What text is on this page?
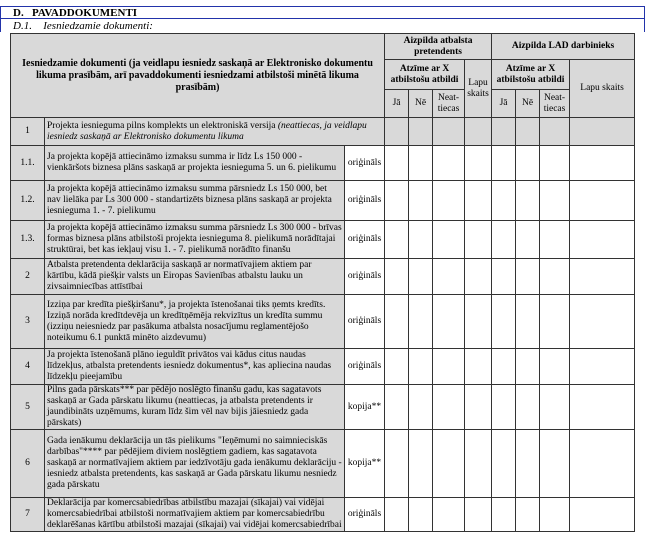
D. PAVADDOKUMENTI
D.1. Iesniedzamie dokumenti:
Iesniedzamie dokumenti (ja veidlapu iesniedz saskaņā ar Elektronisko dokumentu likuma prasībām, arī pavaddokumenti iesniedzami atbilstoši minētā likuma prasībām)			Aizpilda atbalsta pretendents				Aizpilda LAD darbinieks			
			Atzīme ar X atbilstošu atbildi			Lapu skaits	Atzīme ar X atbilstošu atbildi			Lapu skaits
			Jā	Nē	Neat-tiecas		Jā	Nē	Neat-tiecas	

1	Projekta iesnieguma pilns komplekts un elektroniskā versija (neattiecas, ja veidlapu iesniedz saskaņā ar Elektronisko dokumentu likuma									
1.1.	Ja projekta kopējā attiecināmo izmaksu summa ir līdz Ls 150 000 - vienkāršots biznesa plāns saskaņā ar projekta iesnieguma 5. un 6. pielikumu	oriģināls								
1.2.	Ja projekta kopējā attiecināmo izmaksu summa pārsniedz Ls 150 000, bet nav lielāka par Ls 300 000 - standartizēts biznesa plāns saskaņā ar projekta iesnieguma 1. - 7. pielikumu	oriģināls								
1.3.	Ja projekta kopējā attiecināmo izmaksu summa pārsniedz Ls 300 000 - brīvas formas biznesa plāns atbilstoši projekta iesnieguma 8. pielikumā norādītajai struktūrai, bet kas iekļauj visu 1. - 7. pielikumā norādīto finanšu	oriģināls								
2	Atbalsta pretendenta deklarācija saskaņā ar normatīvajiem aktiem par kārtību, kādā piešķir valsts un Eiropas Savienības atbalstu lauku un zivsaimniecības attīstībai	oriģināls								
3	Izziņa par kredīta piešķiršanu*, ja projekta īstenošanai tiks ņemts kredīts. Izziņā norāda kredītdevēja un kredītņēmēja rekvizītus un kredīta summu (izziņu neiesniedz par pasākuma atbalsta nosacījumu reglamentējošo noteikumu 6.1 punktā minēto aizdevumu)	oriģināls								
4	Ja projekta īstenošanā plāno ieguldīt privātos vai kādus citus naudas līdzekļus, atbalsta pretendents iesniedz dokumentus*, kas apliecina naudas līdzekļu pieejamību	oriģināls								
5	Pilns gada pārskats*** par pēdējo noslēgto finanšu gadu, kas sagatavots saskaņā ar Gada pārskatu likumu (neattiecas, ja atbalsta pretendents ir jaundibināts uzņēmums, kuram līdz šim vēl nav bijis jāiesniedz gada pārskats)	kopija**								
6	Gada ienākumu deklarācija un tās pielikums "Ieņēmumi no saimnieciskās darbības"**** par pēdējiem diviem noslēgtiem gadiem, kas sagatavota saskaņā ar normatīvajiem aktiem par iedzīvotāju gada ienākumu deklarāciju - iesniedz atbalsta pretendents, kas saskaņā ar Gada pārskatu likumu nesniedz gada pārskatu	kopija**								
7	Deklarācija par komercsabiedrības atbilstību mazajai (sīkajai) vai vidējai komercsabiedrībai atbilstoši normatīvajiem aktiem par komercsabiedrību deklarēšanas kārtību atbilstoši mazajai (sīkajai) vai vidējai komercsabiedrībai	oriģināls								
